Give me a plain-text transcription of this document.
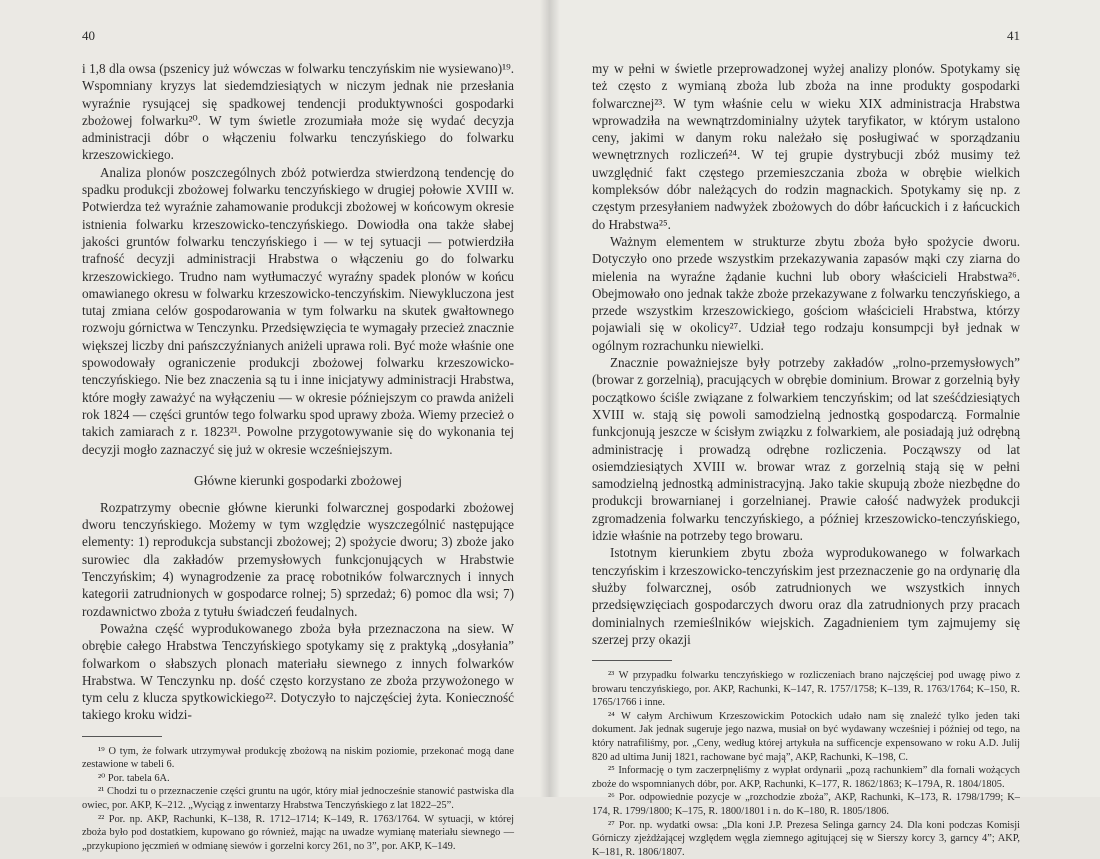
40

i 1,8 dla owsa (pszenicy już wówczas w folwarku tenczyńskim nie wysiewano)¹⁹. Wspomniany kryzys lat siedemdziesiątych w niczym jednak nie przesłania wyraźnie rysującej się spadkowej tendencji produktywności gospodarki zbożowej folwarku²⁰. W tym świetle zrozumiała może się wydać decyzja administracji dóbr o włączeniu folwarku tenczyńskiego do folwarku krzeszowickiego.

Analiza plonów poszczególnych zbóż potwierdza stwierdzoną tendencję do spadku produkcji zbożowej folwarku tenczyńskiego w drugiej połowie XVIII w. Potwierdza też wyraźnie zahamowanie produkcji zbożowej w końcowym okresie istnienia folwarku krzeszowicko-tenczyńskiego. Dowiodła ona także słabej jakości gruntów folwarku tenczyńskiego i — w tej sytuacji — potwierdziła trafność decyzji administracji Hrabstwa o włączeniu go do folwarku krzeszowickiego. Trudno nam wytłumaczyć wyraźny spadek plonów w końcu omawianego okresu w folwarku krzeszowicko-tenczyńskim. Niewykluczona jest tutaj zmiana celów gospodarowania w tym folwarku na skutek gwałtownego rozwoju górnictwa w Tenczynku. Przedsięwzięcia te wymagały przecież znacznie większej liczby dni pańszczyźnianych aniżeli uprawa roli. Być może właśnie one spowodowały ograniczenie produkcji zbożowej folwarku krzeszowicko-tenczyńskiego. Nie bez znaczenia są tu i inne inicjatywy administracji Hrabstwa, które mogły zaważyć na wyłączeniu — w okresie późniejszym co prawda aniżeli rok 1824 — części gruntów tego folwarku spod uprawy zboża. Wiemy przecież o takich zamiarach z r. 1823²¹. Powolne przygotowywanie się do wykonania tej decyzji mogło zaznaczyć się już w okresie wcześniejszym.

Główne kierunki gospodarki zbożowej

Rozpatrzymy obecnie główne kierunki folwarcznej gospodarki zbożowej dworu tenczyńskiego. Możemy w tym względzie wyszczególnić następujące elementy: 1) reprodukcja substancji zbożowej; 2) spożycie dworu; 3) zboże jako surowiec dla zakładów przemysłowych funkcjonujących w Hrabstwie Tenczyńskim; 4) wynagrodzenie za pracę robotników folwarcznych i innych kategorii zatrudnionych w gospodarce rolnej; 5) sprzedaż; 6) pomoc dla wsi; 7) rozdawnictwo zboża z tytułu świadczeń feudalnych.

Poważna część wyprodukowanego zboża była przeznaczona na siew. W obrębie całego Hrabstwa Tenczyńskiego spotykamy się z praktyką „dosyłania” folwarkom o słabszych plonach materiału siewnego z innych folwarków Hrabstwa. W Tenczynku np. dość często korzystano ze zboża przywożonego w tym celu z klucza spytkowickiego²². Dotyczyło to najczęściej żyta. Konieczność takiego kroku widzi-

¹⁹ O tym, że folwark utrzymywał produkcję zbożową na niskim poziomie, przekonać mogą dane zestawione w tabeli 6.

²⁰ Por. tabela 6A.

²¹ Chodzi tu o przeznaczenie części gruntu na ugór, który miał jednocześnie stanowić pastwiska dla owiec, por. AKP, K–212. „Wyciąg z inwentarzy Hrabstwa Tenczyńskiego z lat 1822–25”.

²² Por. np. AKP, Rachunki, K–138, R. 1712–1714; K–149, R. 1763/1764. W sytuacji, w której zboża było pod dostatkiem, kupowano go również, mając na uwadze wymianę materiału siewnego — „przykupiono jęczmień w odmianę siewów i gorzelni korcy 261, no 3”, por. AKP, K–149.

41

my w pełni w świetle przeprowadzonej wyżej analizy plonów. Spotykamy się też często z wymianą zboża lub zboża na inne produkty gospodarki folwarcznej²³. W tym właśnie celu w wieku XIX administracja Hrabstwa wprowadziła na wewnątrzdominialny użytek taryfikator, w którym ustalono ceny, jakimi w danym roku należało się posługiwać w sporządzaniu wewnętrznych rozliczeń²⁴. W tej grupie dystrybucji zbóż musimy też uwzględnić fakt częstego przemieszczania zboża w obrębie wielkich kompleksów dóbr należących do rodzin magnackich. Spotykamy się np. z częstym przesyłaniem nadwyżek zbożowych do dóbr łańcuckich i z łańcuckich do Hrabstwa²⁵.

Ważnym elementem w strukturze zbytu zboża było spożycie dworu. Dotyczyło ono przede wszystkim przekazywania zapasów mąki czy ziarna do mielenia na wyraźne żądanie kuchni lub obory właścicieli Hrabstwa²⁶. Obejmowało ono jednak także zboże przekazywane z folwarku tenczyńskiego, a przede wszystkim krzeszowickiego, gościom właścicieli Hrabstwa, którzy pojawiali się w okolicy²⁷. Udział tego rodzaju konsumpcji był jednak w ogólnym rozrachunku niewielki.

Znacznie poważniejsze były potrzeby zakładów „rolno-przemysłowych” (browar z gorzelnią), pracujących w obrębie dominium. Browar z gorzelnią były początkowo ściśle związane z folwarkiem tenczyńskim; od lat sześćdziesiątych XVIII w. stają się powoli samodzielną jednostką gospodarczą. Formalnie funkcjonują jeszcze w ścisłym związku z folwarkiem, ale posiadają już odrębną administrację i prowadzą odrębne rozliczenia. Począwszy od lat osiemdziesiątych XVIII w. browar wraz z gorzelnią stają się w pełni samodzielną jednostką administracyjną. Jako takie skupują zboże niezbędne do produkcji browarnianej i gorzelnianej. Prawie całość nadwyżek produkcji zgromadzenia folwarku tenczyńskiego, a później krzeszowicko-tenczyńskiego, idzie właśnie na potrzeby tego browaru.

Istotnym kierunkiem zbytu zboża wyprodukowanego w folwarkach tenczyńskim i krzeszowicko-tenczyńskim jest przeznaczenie go na ordynarię dla służby folwarcznej, osób zatrudnionych we wszystkich innych przedsięwzięciach gospodarczych dworu oraz dla zatrudnionych przy pracach dominialnych rzemieślników wiejskich. Zagadnieniem tym zajmujemy się szerzej przy okazji

²³ W przypadku folwarku tenczyńskiego w rozliczeniach brano najczęściej pod uwagę piwo z browaru tenczyńskiego, por. AKP, Rachunki, K–147, R. 1757/1758; K–139, R. 1763/1764; K–150, R. 1765/1766 i inne.

²⁴ W całym Archiwum Krzeszowickim Potockich udało nam się znaleźć tylko jeden taki dokument. Jak jednak sugeruje jego nazwa, musiał on być wydawany wcześniej i później od tego, na który natrafiliśmy, por. „Ceny, według której artykuła na sufficencje expensowano w roku A.D. Julij 820 ad ultima Junij 1821, rachowane być mają”, AKP, Rachunki, K–198, C.

²⁵ Informację o tym zaczerpnęliśmy z wypłat ordynarii „pozą rachunkiem” dla fornali wożących zboże do wspomnianych dóbr, por. AKP, Rachunki, K–177, R. 1862/1863; K–179A, R. 1804/1805.

²⁶ Por. odpowiednie pozycje w „rozchodzie zboża”, AKP, Rachunki, K–173, R. 1798/1799; K–174, R. 1799/1800; K–175, R. 1800/1801 i n. do K–180, R. 1805/1806.

²⁷ Por. np. wydatki owsa: „Dla koni J.P. Prezesa Selinga garncy 24. Dla koni podczas Komisji Górniczy zjeżdżającej względem węgla ziemnego agitującej się w Sierszy korcy 3, garncy 4”; AKP, K–181, R. 1806/1807.
